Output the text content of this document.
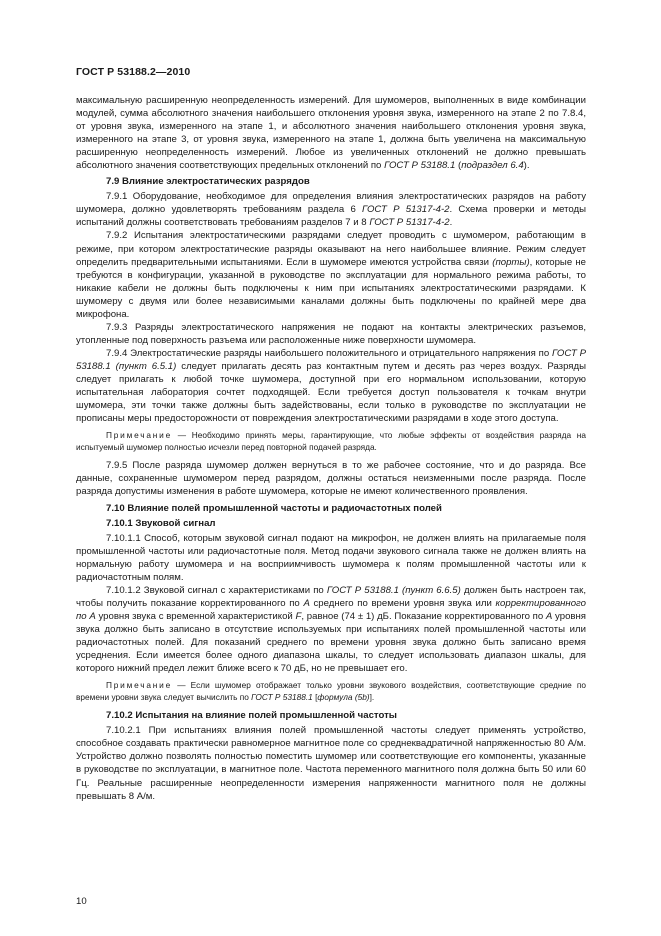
ГОСТ Р 53188.2—2010

максимальную расширенную неопределенность измерений. Для шумомеров, выполненных в виде комбинации модулей, сумма абсолютного значения наибольшего отклонения уровня звука, измеренного на этапе 2 по 7.8.4, от уровня звука, измеренного на этапе 1, и абсолютного значения наибольшего отклонения уровня звука, измеренного на этапе 3, от уровня звука, измеренного на этапе 1, должна быть увеличена на максимальную расширенную неопределенность измерений. Любое из увеличенных отклонений не должно превышать абсолютного значения соответствующих предельных отклонений по ГОСТ Р 53188.1 (подраздел 6.4).

7.9 Влияние электростатических разрядов

7.9.1 Оборудование, необходимое для определения влияния электростатических разрядов на работу шумомера, должно удовлетворять требованиям раздела 6 ГОСТ Р 51317-4-2. Схема проверки и методы испытаний должны соответствовать требованиям разделов 7 и 8 ГОСТ Р 51317-4-2.

7.9.2 Испытания электростатическими разрядами следует проводить с шумомером, работающим в режиме, при котором электростатические разряды оказывают на него наибольшее влияние. Режим следует определить предварительными испытаниями. Если в шумомере имеются устройства связи (порты), которые не требуются в конфигурации, указанной в руководстве по эксплуатации для нормального режима работы, то никакие кабели не должны быть подключены к ним при испытаниях электростатическими разрядами. К шумомеру с двумя или более независимыми каналами должны быть подключены по крайней мере два микрофона.

7.9.3 Разряды электростатического напряжения не подают на контакты электрических разъемов, утопленные под поверхность разъема или расположенные ниже поверхности шумомера.

7.9.4 Электростатические разряды наибольшего положительного и отрицательного напряжения по ГОСТ Р 53188.1 (пункт 6.5.1) следует прилагать десять раз контактным путем и десять раз через воздух. Разряды следует прилагать к любой точке шумомера, доступной при его нормальном использовании, которую испытательная лаборатория сочтет подходящей. Если требуется доступ пользователя к точкам внутри шумомера, эти точки также должны быть задействованы, если только в руководстве по эксплуатации не прописаны меры предосторожности от повреждения электростатическими разрядами в ходе этого доступа.

Примечание — Необходимо принять меры, гарантирующие, что любые эффекты от воздействия разряда на испытуемый шумомер полностью исчезли перед повторной подачей разряда.

7.9.5 После разряда шумомер должен вернуться в то же рабочее состояние, что и до разряда. Все данные, сохраненные шумомером перед разрядом, должны остаться неизменными после разряда. После разряда допустимы изменения в работе шумомера, которые не имеют количественного проявления.

7.10 Влияние полей промышленной частоты и радиочастотных полей
7.10.1 Звуковой сигнал

7.10.1.1 Способ, которым звуковой сигнал подают на микрофон, не должен влиять на прилагаемые поля промышленной частоты или радиочастотные поля. Метод подачи звукового сигнала также не должен влиять на нормальную работу шумомера и на восприимчивость шумомера к полям промышленной частоты или к радиочастотным полям.

7.10.1.2 Звуковой сигнал с характеристиками по ГОСТ Р 53188.1 (пункт 6.6.5) должен быть настроен так, чтобы получить показание корректированного по А среднего по времени уровня звука или корректированного по А уровня звука с временной характеристикой F, равное (74 ± 1) дБ. Показание корректированного по А уровня звука должно быть записано в отсутствие используемых при испытаниях полей промышленной частоты или радиочастотных полей. Для показаний среднего по времени уровня звука должно быть записано время усреднения. Если имеется более одного диапазона шкалы, то следует использовать диапазон шкалы, для которого нижний предел лежит ближе всего к 70 дБ, но не превышает его.

Примечание — Если шумомер отображает только уровни звукового воздействия, соответствующие средние по времени уровни звука следует вычислить по ГОСТ Р 53188.1 [формула (5b)].
7.10.2 Испытания на влияние полей промышленной частоты

7.10.2.1 При испытаниях влияния полей промышленной частоты следует применять устройство, способное создавать практически равномерное магнитное поле со среднеквадратичной напряженностью 80 А/м. Устройство должно позволять полностью поместить шумомер или соответствующие его компоненты, указанные в руководстве по эксплуатации, в магнитное поле. Частота переменного магнитного поля должна быть 50 или 60 Гц. Реальные расширенные неопределенности измерения напряженности магнитного поля не должны превышать 8 А/м.

10
